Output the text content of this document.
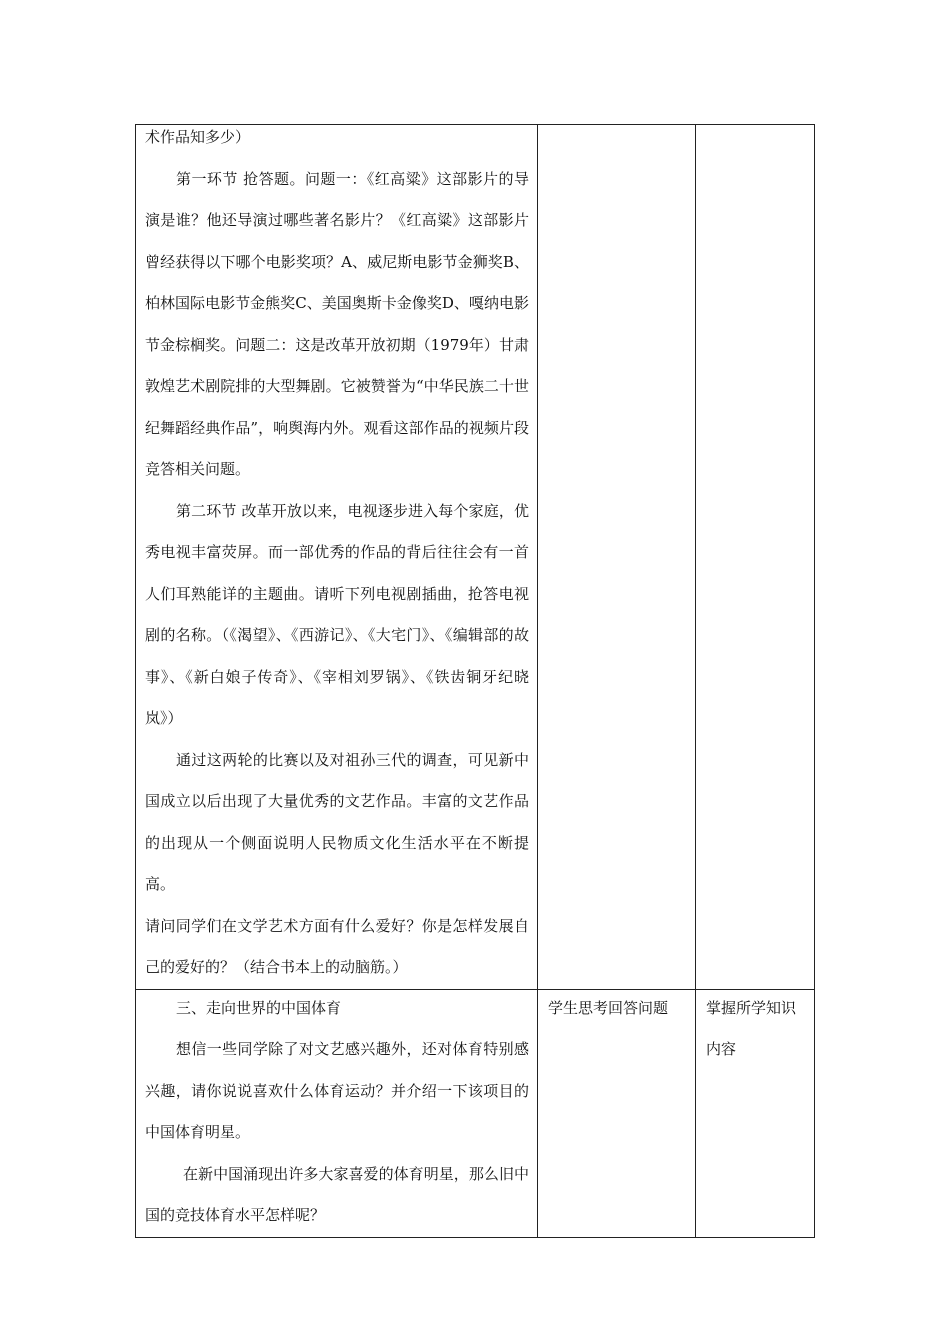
术作品知多少）

第一环节 抢答题。问题一：《红高粱》这部影片的导演是谁？他还导演过哪些著名影片？《红高粱》这部影片曾经获得以下哪个电影奖项？A、威尼斯电影节金狮奖B、柏林国际电影节金熊奖C、美国奥斯卡金像奖D、嘎纳电影节金棕榈奖。问题二：这是改革开放初期（1979年）甘肃敦煌艺术剧院排的大型舞剧。它被赞誉为“中华民族二十世纪舞蹈经典作品”，响舆海内外。观看这部作品的视频片段竞答相关问题。

第二环节 改革开放以来，电视逐步进入每个家庭，优秀电视丰富荧屏。而一部优秀的作品的背后往往会有一首人们耳熟能详的主题曲。请听下列电视剧插曲，抢答电视剧的名称。（《渴望》、《西游记》、《大宅门》、《编辑部的故事》、《新白娘子传奇》、《宰相刘罗锅》、《铁齿铜牙纪晓岚》）

通过这两轮的比赛以及对祖孙三代的调查，可见新中国成立以后出现了大量优秀的文艺作品。丰富的文艺作品的出现从一个侧面说明人民物质文化生活水平在不断提高。

请问同学们在文学艺术方面有什么爱好？你是怎样发展自己的爱好的？（结合书本上的动脑筋。）		

三、走向世界的中国体育

想信一些同学除了对文艺感兴趣外，还对体育特别感兴趣，请你说说喜欢什么体育运动？并介绍一下该项目的中国体育明星。

在新中国涌现出许多大家喜爱的体育明星，那么旧中国的竞技体育水平怎样呢？	学生思考回答问题	掌握所学知识内容
